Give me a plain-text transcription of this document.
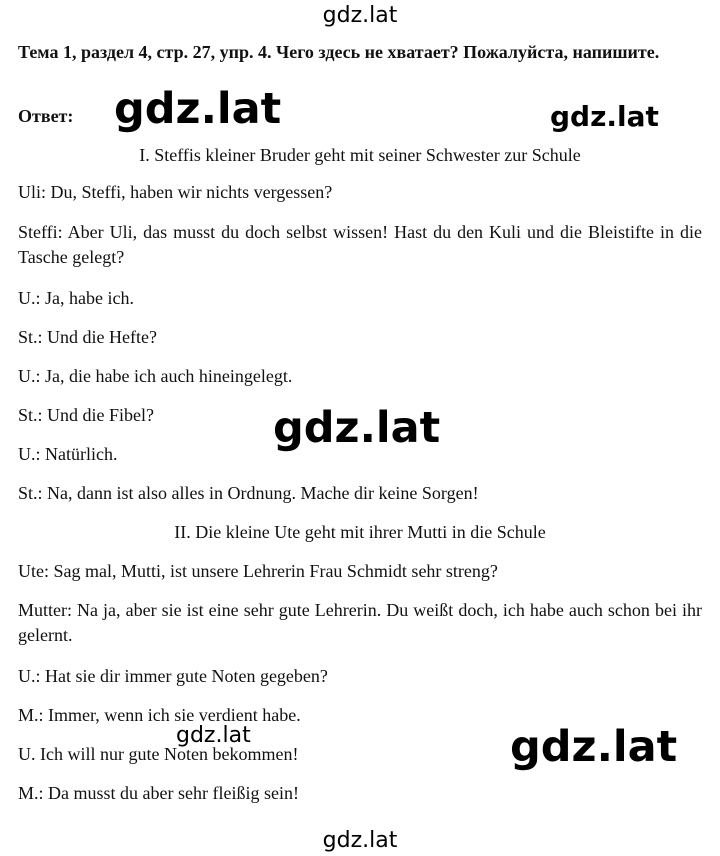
gdz.lat
Тема 1, раздел 4, стр. 27, упр. 4. Чего здесь не хватает? Пожалуйста, напишите.
Ответ:
I. Steffis kleiner Bruder geht mit seiner Schwester zur Schule
Uli: Du, Steffi, haben wir nichts vergessen?
Steffi: Aber Uli, das musst du doch selbst wissen! Hast du den Kuli und die Bleistifte in die Tasche gelegt?
U.: Ja, habe ich.
St.: Und die Hefte?
U.: Ja, die habe ich auch hineingelegt.
St.: Und die Fibel?
U.: Natürlich.
St.: Na, dann ist also alles in Ordnung. Mache dir keine Sorgen!
II. Die kleine Ute geht mit ihrer Mutti in die Schule
Ute: Sag mal, Mutti, ist unsere Lehrerin Frau Schmidt sehr streng?
Mutter: Na ja, aber sie ist eine sehr gute Lehrerin. Du weißt doch, ich habe auch schon bei ihr gelernt.
U.: Hat sie dir immer gute Noten gegeben?
M.: Immer, wenn ich sie verdient habe.
U. Ich will nur gute Noten bekommen!
M.: Da musst du aber sehr fleißig sein!
gdz.lat	gdz.lat
gdz.lat
gdz.lat	gdz.lat
gdz.lat
